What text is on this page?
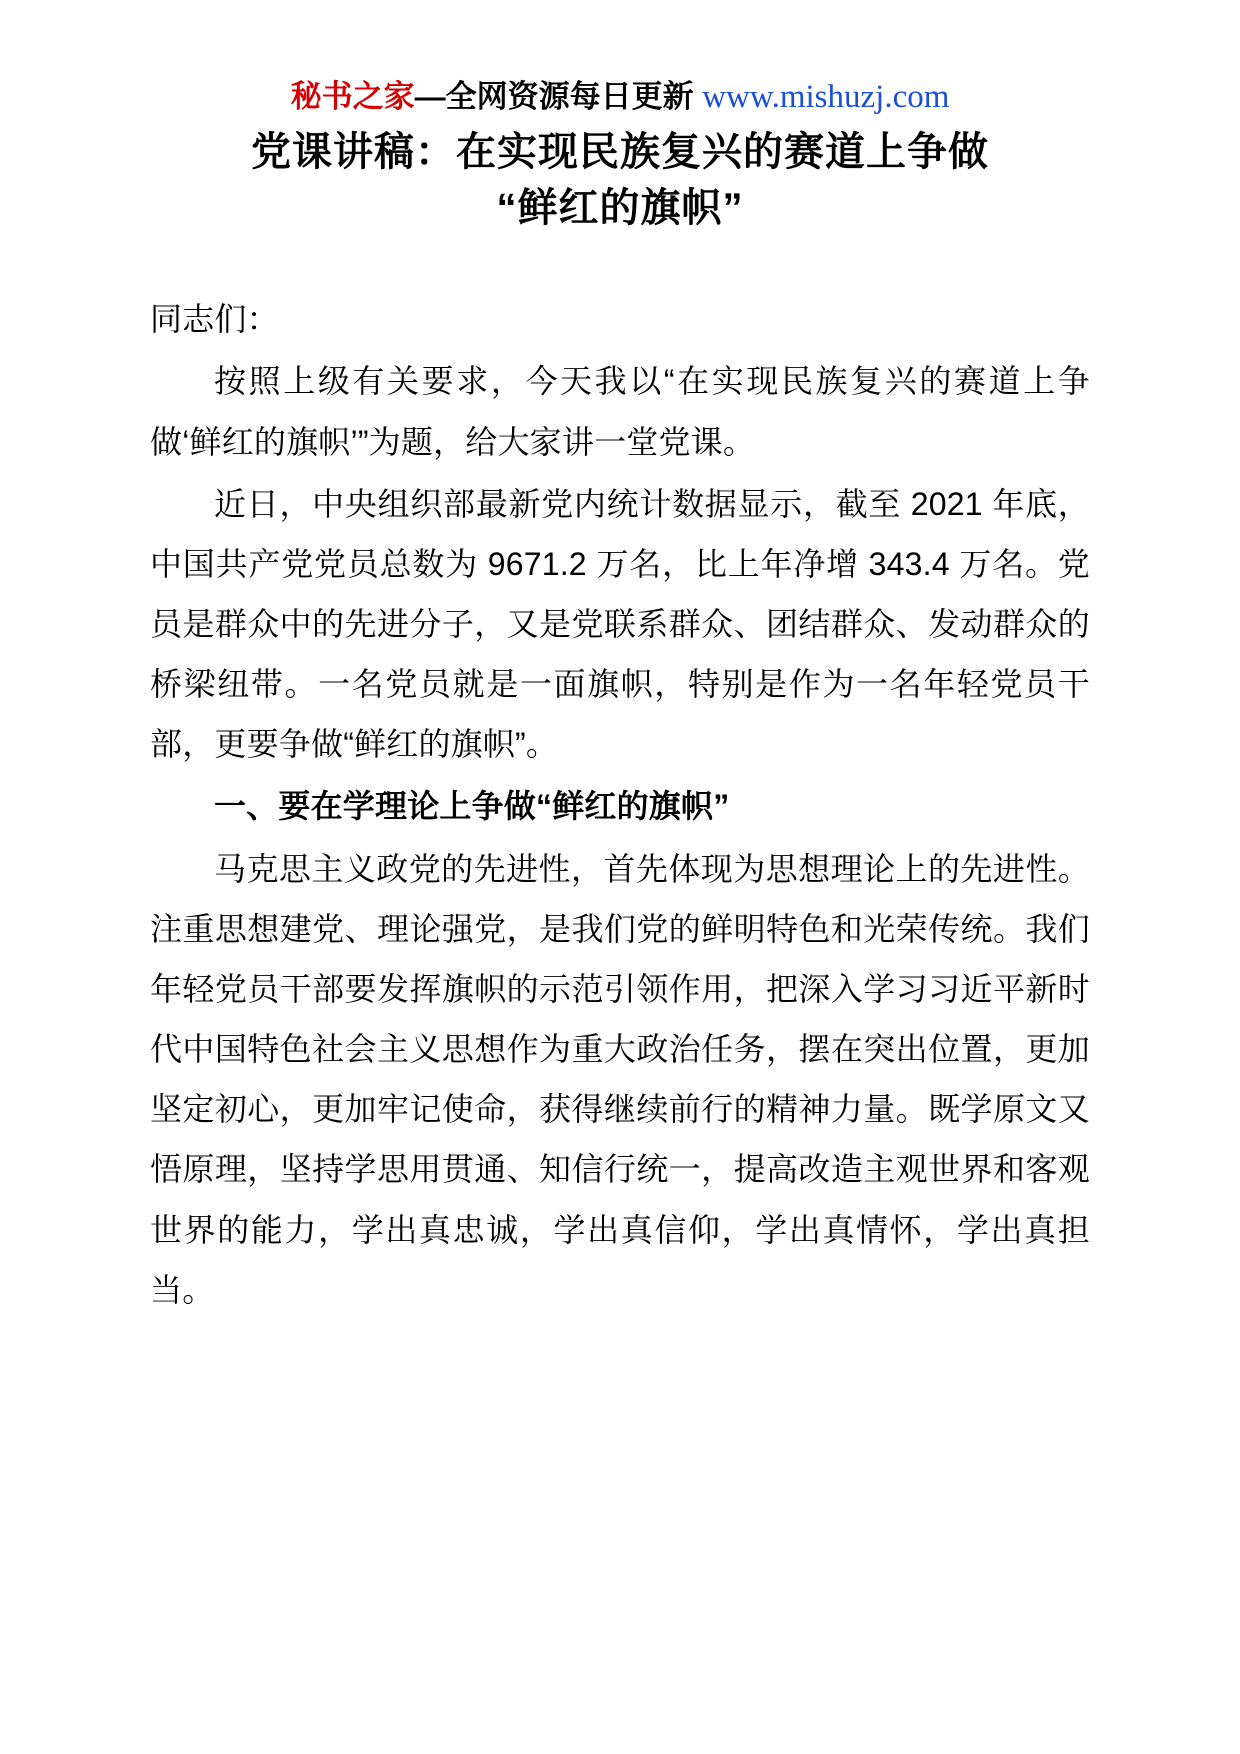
秘书之家—全网资源每日更新 www.mishuzj.com
党课讲稿：在实现民族复兴的赛道上争做
“鲜红的旗帜”

同志们：

按照上级有关要求，今天我以“在实现民族复兴的赛道上争做‘鲜红的旗帜’”为题，给大家讲一堂党课。

近日，中央组织部最新党内统计数据显示，截至 2021 年底，中国共产党党员总数为 9671.2 万名，比上年净增 343.4 万名。党员是群众中的先进分子，又是党联系群众、团结群众、发动群众的桥梁纽带。一名党员就是一面旗帜，特别是作为一名年轻党员干部，更要争做“鲜红的旗帜”。

一、要在学理论上争做“鲜红的旗帜”

马克思主义政党的先进性，首先体现为思想理论上的先进性。注重思想建党、理论强党，是我们党的鲜明特色和光荣传统。我们年轻党员干部要发挥旗帜的示范引领作用，把深入学习习近平新时代中国特色社会主义思想作为重大政治任务，摆在突出位置，更加坚定初心，更加牢记使命，获得继续前行的精神力量。既学原文又悟原理，坚持学思用贯通、知信行统一，提高改造主观世界和客观世界的能力，学出真忠诚，学出真信仰，学出真情怀，学出真担当。
